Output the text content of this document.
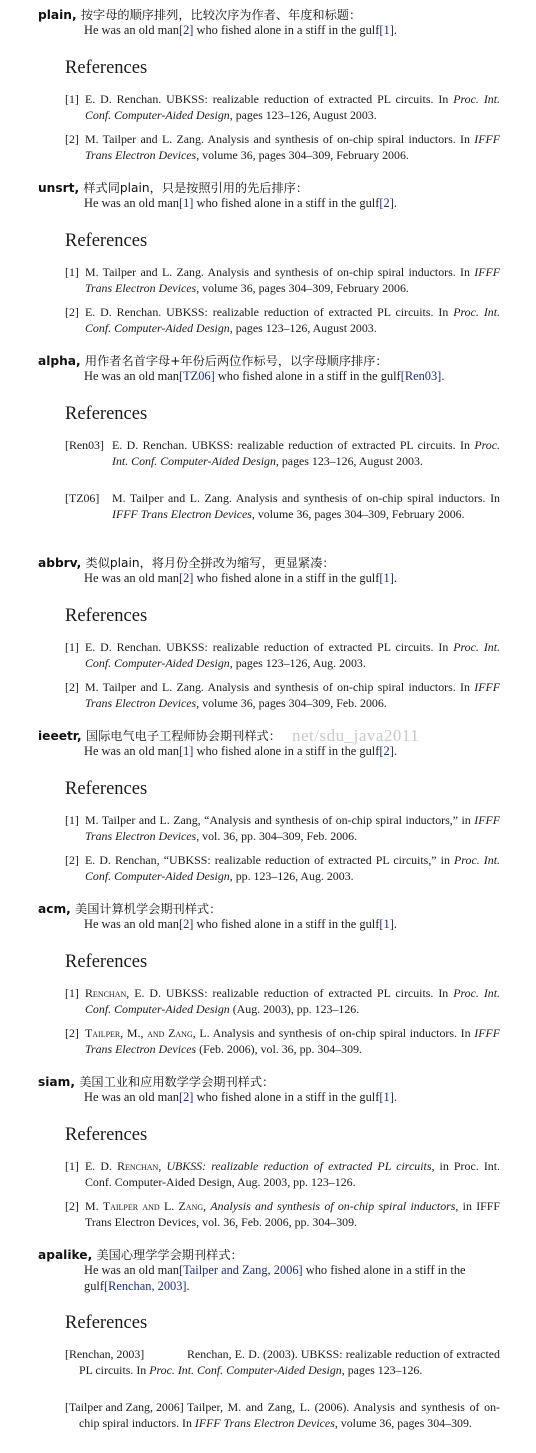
plain, 按字母的顺序排列，比较次序为作者、年度和标题：
He was an old man[2] who fished alone in a stiff in the gulf[1].
References
[1] E. D. Renchan. UBKSS: realizable reduction of extracted PL circuits. In Proc. Int. Conf. Computer-Aided Design, pages 123–126, August 2003.
[2] M. Tailper and L. Zang. Analysis and synthesis of on-chip spiral inductors. In IFFF Trans Electron Devices, volume 36, pages 304–309, February 2006.
unsrt, 样式同plain，只是按照引用的先后排序：
He was an old man[1] who fished alone in a stiff in the gulf[2].
References
[1] M. Tailper and L. Zang. Analysis and synthesis of on-chip spiral inductors. In IFFF Trans Electron Devices, volume 36, pages 304–309, February 2006.
[2] E. D. Renchan. UBKSS: realizable reduction of extracted PL circuits. In Proc. Int. Conf. Computer-Aided Design, pages 123–126, August 2003.
alpha, 用作者名首字母+年份后两位作标号，以字母顺序排序：
He was an old man[TZ06] who fished alone in a stiff in the gulf[Ren03].
References
[Ren03] E. D. Renchan. UBKSS: realizable reduction of extracted PL circuits. In Proc. Int. Conf. Computer-Aided Design, pages 123–126, August 2003.
[TZ06]	M. Tailper and L. Zang. Analysis and synthesis of on-chip spiral inductors. In IFFF Trans Electron Devices, volume 36, pages 304–309, February 2006.
abbrv, 类似plain，将月份全拼改为缩写，更显紧凑：
He was an old man[2] who fished alone in a stiff in the gulf[1].
References
[1] E. D. Renchan. UBKSS: realizable reduction of extracted PL circuits. In Proc. Int. Conf. Computer-Aided Design, pages 123–126, Aug. 2003.
[2] M. Tailper and L. Zang. Analysis and synthesis of on-chip spiral inductors. In IFFF Trans Electron Devices, volume 36, pages 304–309, Feb. 2006.
ieeetr, 国际电气电子工程师协会期刊样式：
He was an old man[1] who fished alone in a stiff in the gulf[2].
References
[1] M. Tailper and L. Zang, “Analysis and synthesis of on-chip spiral inductors,” in IFFF Trans Electron Devices, vol. 36, pp. 304–309, Feb. 2006.
[2] E. D. Renchan, “UBKSS: realizable reduction of extracted PL circuits,” in Proc. Int. Conf. Computer-Aided Design, pp. 123–126, Aug. 2003.
acm, 美国计算机学会期刊样式：
He was an old man[2] who fished alone in a stiff in the gulf[1].
References
[1] Renchan, E. D. UBKSS: realizable reduction of extracted PL circuits. In Proc. Int. Conf. Computer-Aided Design (Aug. 2003), pp. 123–126.
[2] Tailper, M., and Zang, L. Analysis and synthesis of on-chip spiral inductors. In IFFF Trans Electron Devices (Feb. 2006), vol. 36, pp. 304–309.
siam, 美国工业和应用数学学会期刊样式：
He was an old man[2] who fished alone in a stiff in the gulf[1].
References
[1] E. D. Renchan, UBKSS: realizable reduction of extracted PL circuits, in Proc. Int. Conf. Computer-Aided Design, Aug. 2003, pp. 123–126.
[2] M. Tailper and L. Zang, Analysis and synthesis of on-chip spiral inductors, in IFFF Trans Electron Devices, vol. 36, Feb. 2006, pp. 304–309.
apalike, 美国心理学学会期刊样式：
He was an old man[Tailper and Zang, 2006] who fished alone in a stiff in the gulf[Renchan, 2003].
References
[Renchan, 2003]	Renchan, E. D. (2003). UBKSS: realizable reduction of extracted PL circuits. In Proc. Int. Conf. Computer-Aided Design, pages 123–126.
[Tailper and Zang, 2006] Tailper, M. and Zang, L. (2006). Analysis and synthesis of on-chip spiral inductors. In IFFF Trans Electron Devices, volume 36, pages 304–309.
net/sdu_java2011
